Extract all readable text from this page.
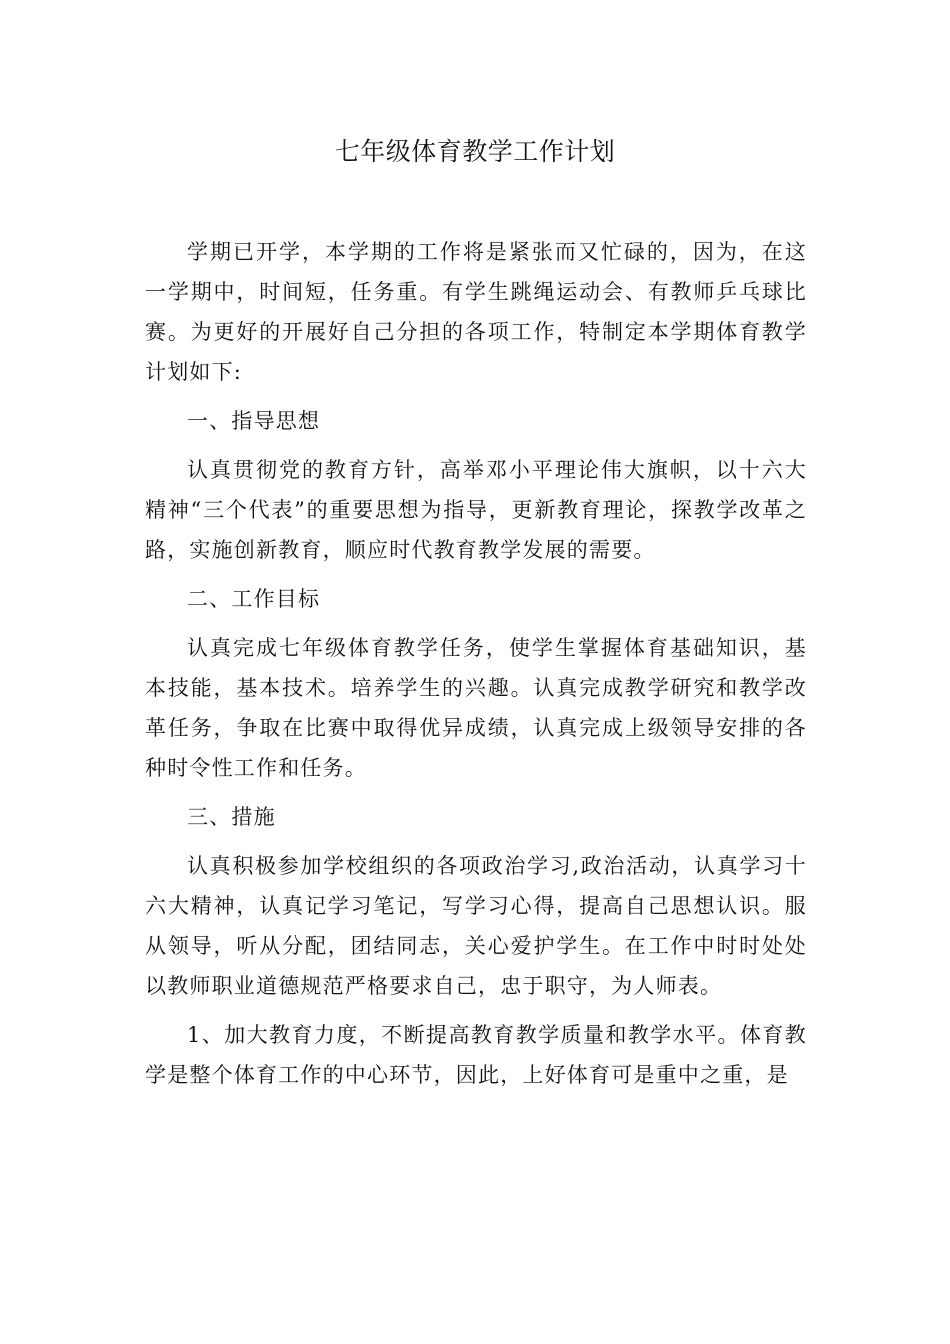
七年级体育教学工作计划

学期已开学，本学期的工作将是紧张而又忙碌的，因为，在这一学期中，时间短，任务重。有学生跳绳运动会、有教师乒乓球比赛。为更好的开展好自己分担的各项工作，特制定本学期体育教学计划如下:

一、指导思想

认真贯彻党的教育方针，高举邓小平理论伟大旗帜，以十六大精神“三个代表”的重要思想为指导，更新教育理论，探教学改革之路，实施创新教育，顺应时代教育教学发展的需要。

二、工作目标

认真完成七年级体育教学任务，使学生掌握体育基础知识，基本技能，基本技术。培养学生的兴趣。认真完成教学研究和教学改革任务，争取在比赛中取得优异成绩，认真完成上级领导安排的各种时令性工作和任务。

三、措施

认真积极参加学校组织的各项政治学习,政治活动，认真学习十六大精神，认真记学习笔记，写学习心得，提高自己思想认识。服从领导，听从分配，团结同志，关心爱护学生。在工作中时时处处以教师职业道德规范严格要求自己，忠于职守，为人师表。

1、加大教育力度，不断提高教育教学质量和教学水平。体育教学是整个体育工作的中心环节，因此，上好体育可是重中之重，是
